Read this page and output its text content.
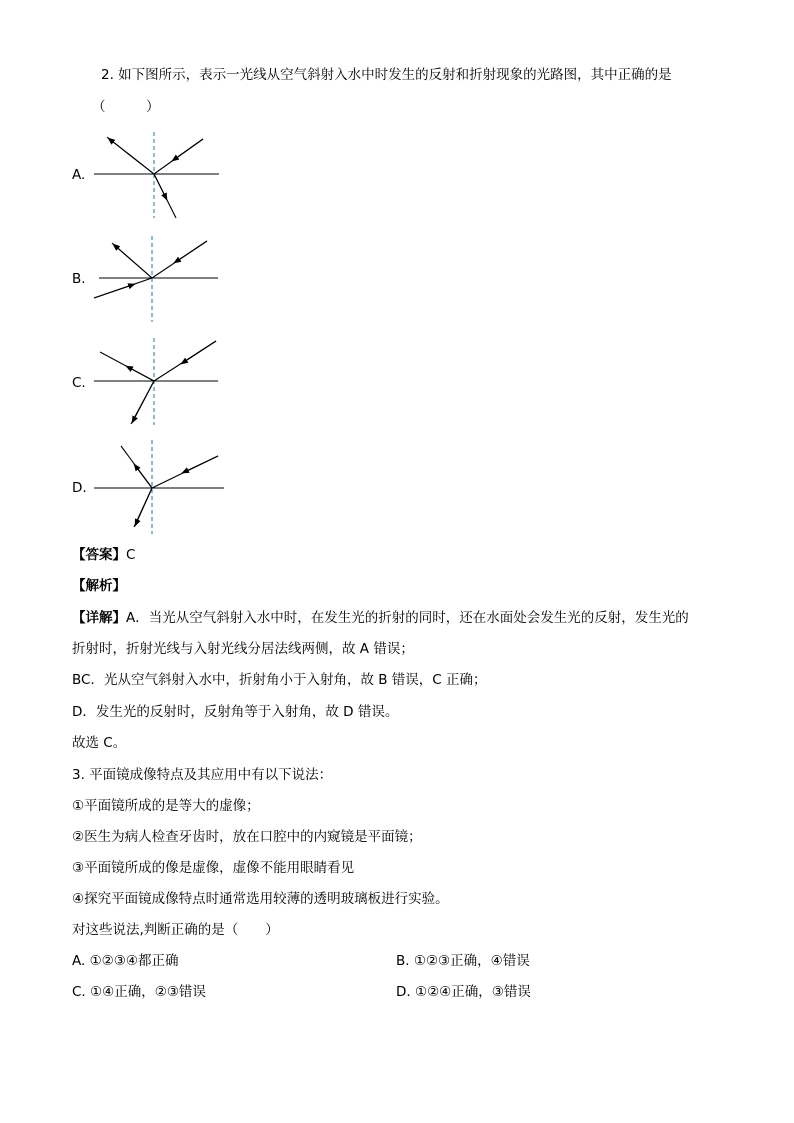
2. 如下图所示，表示一光线从空气斜射入水中时发生的反射和折射现象的光路图，其中正确的是
（　　　）
A.
B.
C.
D.
【答案】C
【解析】
【详解】A．当光从空气斜射入水中时，在发生光的折射的同时，还在水面处会发生光的反射，发生光的
折射时，折射光线与入射光线分居法线两侧，故 A 错误；
BC．光从空气斜射入水中，折射角小于入射角，故 B 错误，C 正确；
D．发生光的反射时，反射角等于入射角，故 D 错误。
故选 C。
3. 平面镜成像特点及其应用中有以下说法：
①平面镜所成的是等大的虚像；
②医生为病人检查牙齿时，放在口腔中的内窥镜是平面镜；
③平面镜所成的像是虚像，虚像不能用眼睛看见
④探究平面镜成像特点时通常选用较薄的透明玻璃板进行实验。
对这些说法,判断正确的是（　　）
A. ①②③④都正确	B. ①②③正确，④错误
C. ①④正确，②③错误	D. ①②④正确，③错误
